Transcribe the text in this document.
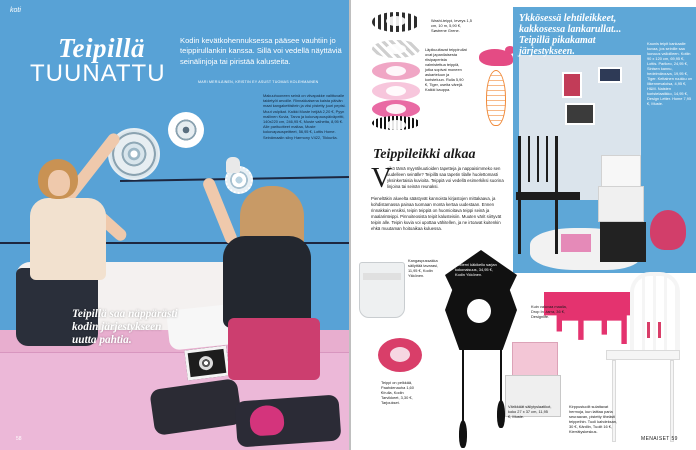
koti
Teipillä
TUUNATTU
Kodin kevätkohennuksessa pääsee vauhtiin jo teippirullankin kanssa. Sillä voi vedellä näyttäviä seinälinjoja tai piristää kalusteita.
MARI MERILÄINEN, KRISTIN EY ASUST TUOMAS KOLEHMAINEN
Makuuhuoneen seinä on viivapakke valittuvalle taidetyöt arvoille. Rinnakkaisena kaista päivän maat kangakettisitein ja viisi pistetty juuri peptsi. Muut valpikat. Kaikki Muste heijää 2,20 €, Pyyn mallinen Kuvia, Tarva ja kokovapauspäiväpeitti, 140x220 cm, 246,95 €, Muste valhetta, 8,95 €. Alle parituotteet maltaa, Muste kokovapauspeitteet, 56,95 €, Lottis Home. Seinämaalin silvy Harmony V422, Tikkurila.
Teipillä saa näppärästi kodin järjestykseen uutta pahtia.
58
Washi-teippi, leveys 1,5 cm, 10 m, 5,90 €, Søstrene Grene.
Läpikuultavat teippirullat ovat japanilaisesta riisipaperista valmistettua teippiä, jotka sopivat moneen askarteluun ja koristeluun. Rulla 5,90 €, Tiger, useita värejä. Kaikki kauppa.
Ykkösessä lehtileikkeet, kakkosessa lankarullat... Teipillä pikakamat järjestykseen.
Kaunis teipit kankaalle kuvaa, jos seinille saa luovuus valloilleen. Kotiin 90 x 120 cm, 69,95 €, Lottis. Parikeo, 24,95 €, Sinisen kannu, hedelmärouva, 19,95 €, Tiger. Keltainen ruukku on liikennevaloisa, 4,95 €, H&M. Naisten koristelaatikko, 14,95 €, Design Letter. Home 7,95 €, Muste.
Teippileikki alkaa
V
eikö tämä myyntikuutioiden tapetteja ja nappaisimmeko sen uudelleen seinälle? Teipillä saa tapetin tilalle huolettomasti yksinkertaisia kuvioita. Teippiä voi vedellä esimerkiksi suorina linjoina tai seinän reunaksi.
Pieneltäkin alueelta säästyvät kannoista kirjastojen mittakaava, ja kohdistamassa painaa tuomaan monta kertaa uudestaan. Ennen rinnakkain ensiksi, teipin teippiä on huomioitava teippi seinä ja maalarinteippi. Pinnoiteosista teipit kalusteisiin. Muuten värit siirtyvät teipin alle. Teipin kuvia voi upottaa vähitellen, ja ne irtoavat kuitenkin ehkä muutaman hoitoaikaa kuluessa.
Kangaspussakka säilyttää tavarasi, 11,95 €, Kodin Ykkönen.
Teippi on pelkkää, Paahdenauha 1,60 €/rulla, Kodin Tarvikkeet, 3,30 €, Tarjoukset.
Moderni käkikello sarjan kokonaisuus, 34,95 €, Kodin Ykkönen.
Kuin valuvaa maalia, Drop In -tarra, 36 €, Designlife.
Värikkäät säilytyslaatikot, koko 27 x 37 cm, 11,95 €, Muste.
Kirppustuolit sulattavat hermoja, kun laittaa paria seuraavan, pistetty tiheästi teippeihin. Tuoli kahdeksan, 30 €, Kärdlin, Tuolit 16 €, Kierrätyskeskus.
MENAISET 59
